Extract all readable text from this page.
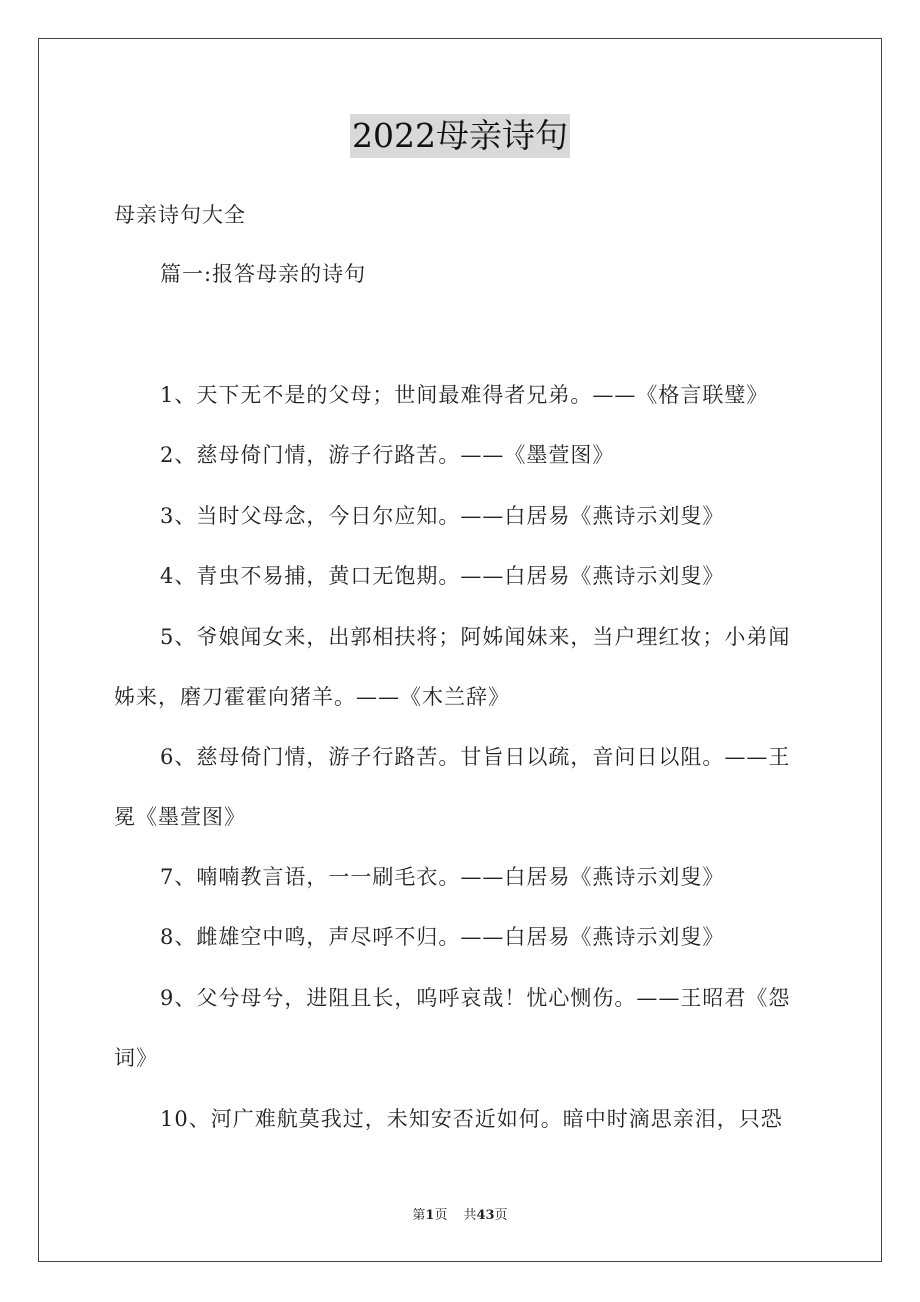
2022母亲诗句
母亲诗句大全
篇一:报答母亲的诗句
1、天下无不是的父母；世间最难得者兄弟。——《格言联璧》
2、慈母倚门情，游子行路苦。——《墨萱图》
3、当时父母念，今日尔应知。——白居易《燕诗示刘叟》
4、青虫不易捕，黄口无饱期。——白居易《燕诗示刘叟》
5、爷娘闻女来，出郭相扶将；阿姊闻妹来，当户理红妆；小弟闻
姊来，磨刀霍霍向猪羊。——《木兰辞》
6、慈母倚门情，游子行路苦。甘旨日以疏，音问日以阻。——王
冕《墨萱图》
7、喃喃教言语，一一刷毛衣。——白居易《燕诗示刘叟》
8、雌雄空中鸣，声尽呼不归。——白居易《燕诗示刘叟》
9、父兮母兮，进阻且长，呜呼哀哉！忧心恻伤。——王昭君《怨
词》
10、河广难航莫我过，未知安否近如何。暗中时滴思亲泪，只恐
第1页 共43页
